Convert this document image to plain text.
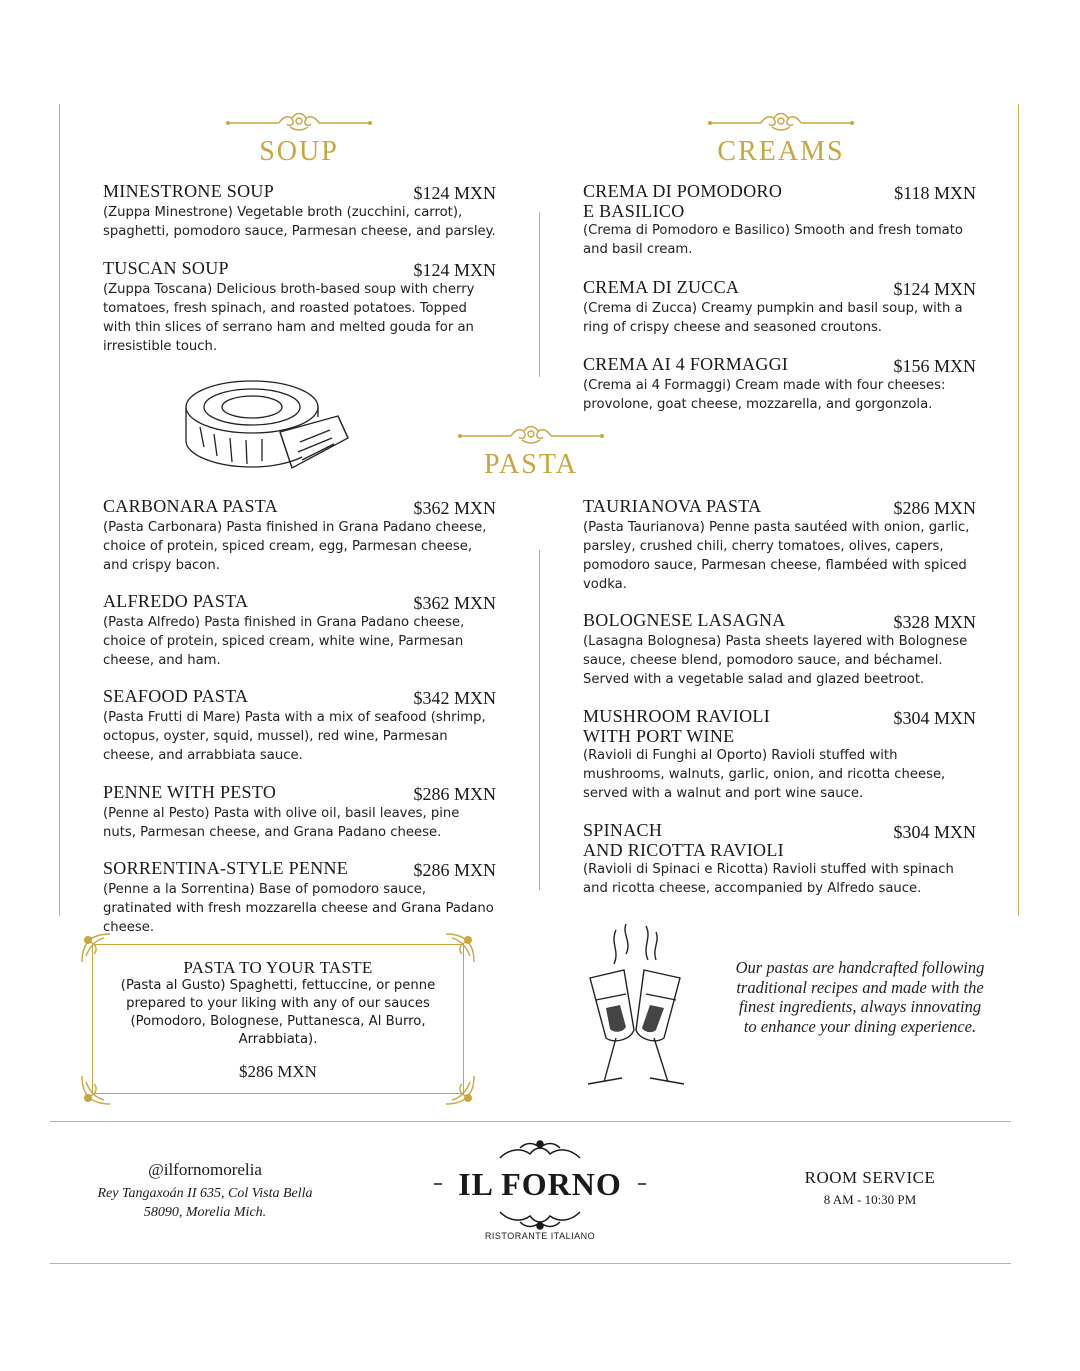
SOUP	CREAMS
PASTA
MINESTRONE SOUP	$124 MXN
(Zuppa Minestrone) Vegetable broth (zucchini, carrot), spaghetti, pomodoro sauce, Parmesan cheese, and parsley.
TUSCAN SOUP	$124 MXN
(Zuppa Toscana) Delicious broth-based soup with cherry tomatoes, fresh spinach, and roasted potatoes. Topped with thin slices of serrano ham and melted gouda for an irresistible touch.
CREMA DI POMODORO
E BASILICO
$118 MXN
(Crema di Pomodoro e Basilico) Smooth and fresh tomato and basil cream.
CREMA DI ZUCCA	$124 MXN
(Crema di Zucca) Creamy pumpkin and basil soup, with a ring of crispy cheese and seasoned croutons.
CREMA AI 4 FORMAGGI	$156 MXN
(Crema ai 4 Formaggi) Cream made with four cheeses: provolone, goat cheese, mozzarella, and gorgonzola.
CARBONARA PASTA	$362 MXN
(Pasta Carbonara) Pasta finished in Grana Padano cheese, choice of protein, spiced cream, egg, Parmesan cheese, and crispy bacon.
ALFREDO PASTA	$362 MXN
(Pasta Alfredo) Pasta finished in Grana Padano cheese, choice of protein, spiced cream, white wine, Parmesan cheese, and ham.
SEAFOOD PASTA	$342 MXN
(Pasta Frutti di Mare) Pasta with a mix of seafood (shrimp, octopus, oyster, squid, mussel), red wine, Parmesan cheese, and arrabbiata sauce.
PENNE WITH PESTO	$286 MXN
(Penne al Pesto) Pasta with olive oil, basil leaves, pine nuts, Parmesan cheese, and Grana Padano cheese.
SORRENTINA-STYLE PENNE	$286 MXN
(Penne a la Sorrentina) Base of pomodoro sauce, gratinated with fresh mozzarella cheese and Grana Padano cheese.
TAURIANOVA PASTA	$286 MXN
(Pasta Taurianova) Penne pasta sautéed with onion, garlic, parsley, crushed chili, cherry tomatoes, olives, capers, pomodoro sauce, Parmesan cheese, flambéed with spiced vodka.
BOLOGNESE LASAGNA	$328 MXN
(Lasagna Bolognesa) Pasta sheets layered with Bolognese sauce, cheese blend, pomodoro sauce, and béchamel. Served with a vegetable salad and glazed beetroot.
MUSHROOM RAVIOLI
WITH PORT WINE
$304 MXN
(Ravioli di Funghi al Oporto) Ravioli stuffed with mushrooms, walnuts, garlic, onion, and ricotta cheese, served with a walnut and port wine sauce.
SPINACH
AND RICOTTA RAVIOLI
$304 MXN
(Ravioli di Spinaci e Ricotta) Ravioli stuffed with spinach and ricotta cheese, accompanied by Alfredo sauce.
PASTA TO YOUR TASTE
(Pasta al Gusto) Spaghetti, fettuccine, or penne prepared to your liking with any of our sauces (Pomodoro, Bolognese, Puttanesca, Al Burro, Arrabbiata).
$286 MXN
Our pastas are handcrafted following traditional recipes and made with the finest ingredients, always innovating to enhance your dining experience.
@ilfornomorelia
Rey Tangaxoán II 635, Col Vista Bella
58090, Morelia Mich.
IL FORNO
RISTORANTE ITALIANO
ROOM SERVICE
8 AM - 10:30 PM
